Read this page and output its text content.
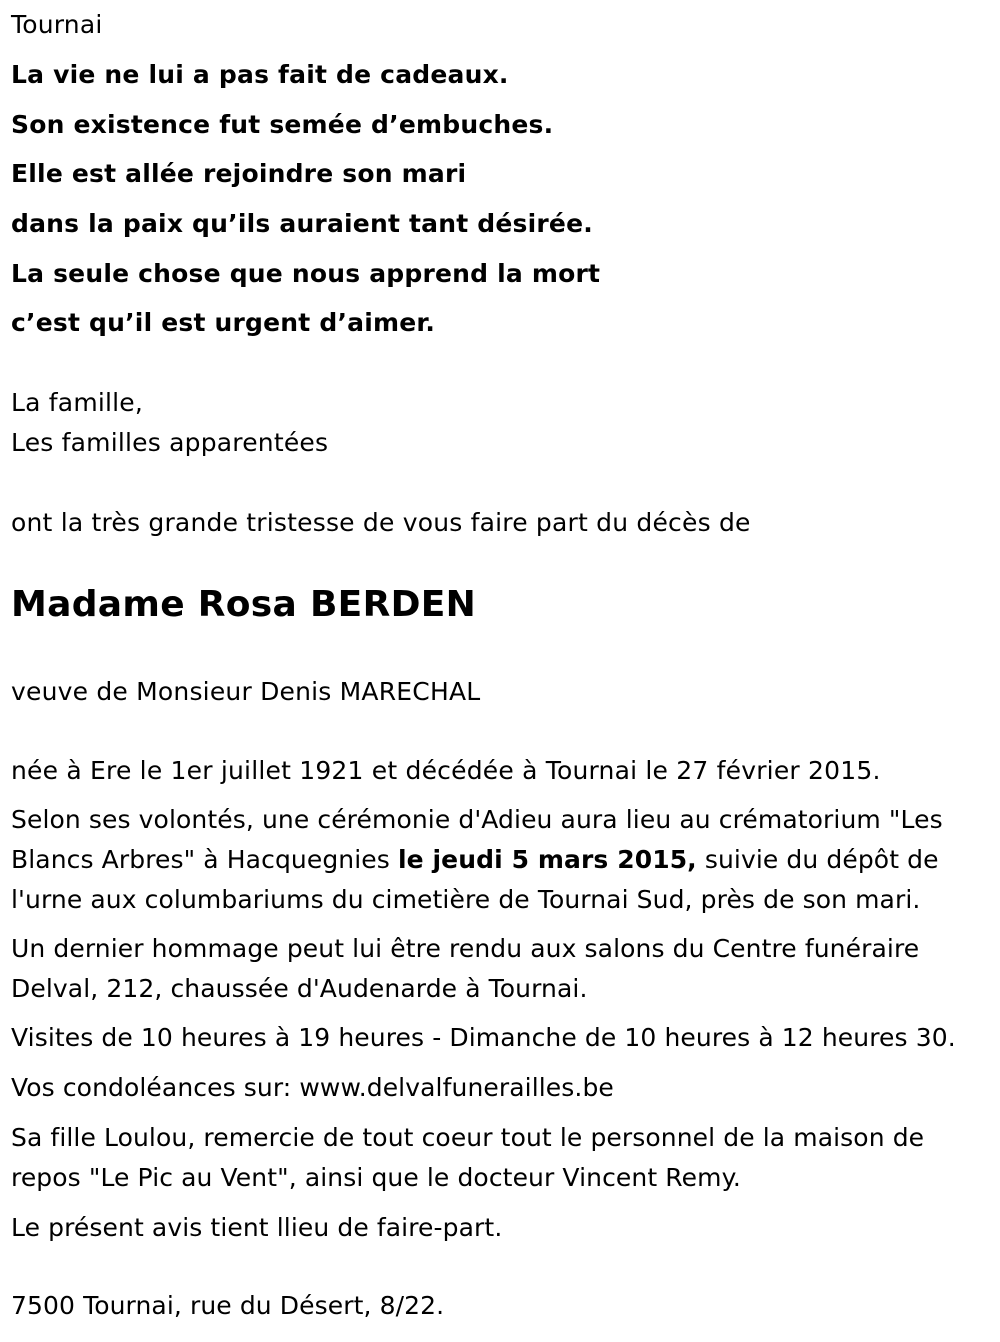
Tournai
La vie ne lui a pas fait de cadeaux.
Son existence fut semée d’embuches.
Elle est allée rejoindre son mari
dans la paix qu’ils auraient tant désirée.
La seule chose que nous apprend la mort
c’est qu’il est urgent d’aimer.
La famille,
Les familles apparentées
ont la très grande tristesse de vous faire part du décès de
Madame Rosa BERDEN
veuve de Monsieur Denis MARECHAL
née à Ere le 1er juillet 1921 et décédée à Tournai le 27 février 2015.
Selon ses volontés, une cérémonie d'Adieu aura lieu au crématorium "Les Blancs Arbres" à Hacquegnies le jeudi 5 mars 2015, suivie du dépôt de l'urne aux columbariums du cimetière de Tournai Sud, près de son mari.
Un dernier hommage peut lui être rendu aux salons du Centre funéraire Delval, 212, chaussée d'Audenarde à Tournai.
Visites de 10 heures à 19 heures - Dimanche de 10 heures à 12 heures 30.
Vos condoléances sur: www.delvalfunerailles.be
Sa fille Loulou, remercie de tout coeur tout le personnel de la maison de repos "Le Pic au Vent", ainsi que le docteur Vincent Remy.
Le présent avis tient llieu de faire-part.
7500 Tournai, rue du Désert, 8/22.
